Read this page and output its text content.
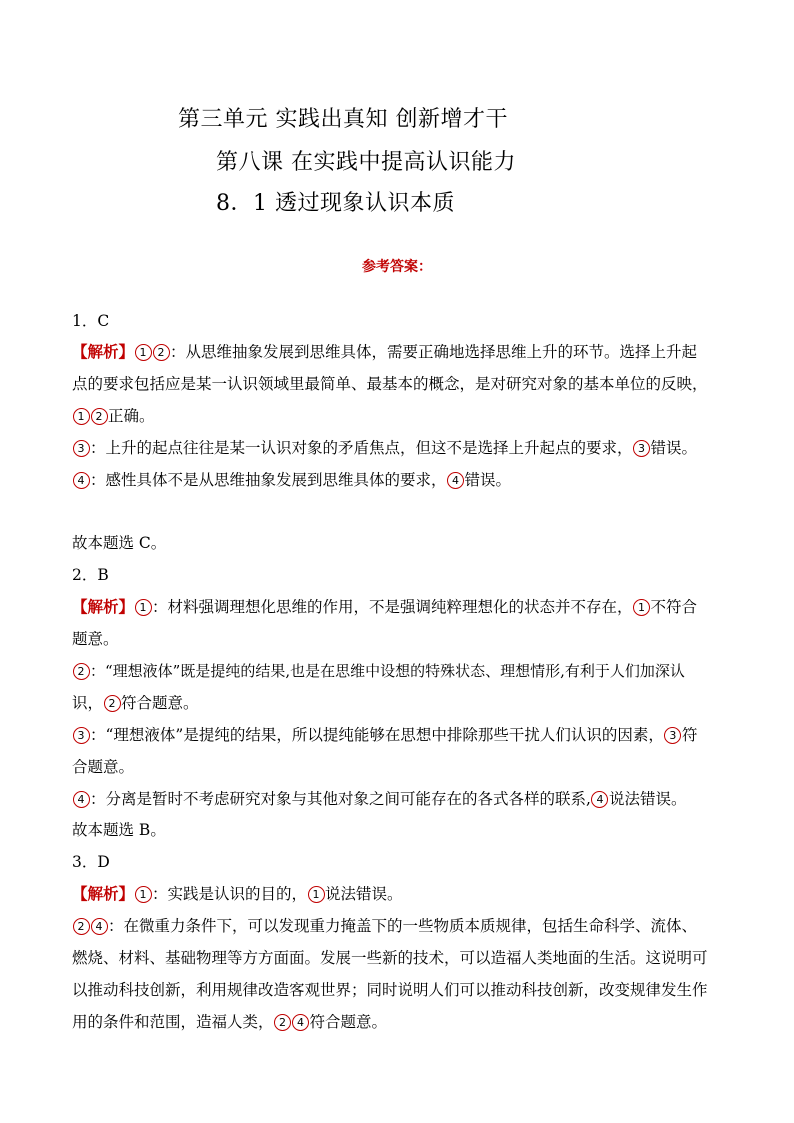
第三单元 实践出真知 创新增才干
第八课 在实践中提高认识能力
8．1 透过现象认识本质
参考答案：
1．C
【解析】 1 2 ：从思维抽象发展到思维具体，需要正确地选择思维上升的环节。选择上升起
点的要求包括应是某一认识领域里最简单、最基本的概念，是对研究对象的基本单位的反映，
1 2 正确。
3 ：上升的起点往往是某一认识对象的矛盾焦点，但这不是选择上升起点的要求， 3 错误。
4 ：感性具体不是从思维抽象发展到思维具体的要求， 4 错误。
故本题选 C。
2．B
【解析】 1 ：材料强调理想化思维的作用，不是强调纯粹理想化的状态并不存在， 1 不符合
题意。
2 ：“理想液体”既是提纯的结果,也是在思维中设想的特殊状态、理想情形,有利于人们加深认
识， 2 符合题意。
3 ：“理想液体”是提纯的结果，所以提纯能够在思想中排除那些干扰人们认识的因素， 3 符
合题意。
4 ：分离是暂时不考虑研究对象与其他对象之间可能存在的各式各样的联系, 4 说法错误。
故本题选 B。
3．D
【解析】 1 ：实践是认识的目的， 1 说法错误。
2 4 ：在微重力条件下，可以发现重力掩盖下的一些物质本质规律，包括生命科学、流体、
燃烧、材料、基础物理等方方面面。发展一些新的技术，可以造福人类地面的生活。这说明可
以推动科技创新，利用规律改造客观世界；同时说明人们可以推动科技创新，改变规律发生作
用的条件和范围，造福人类， 2 4 符合题意。
